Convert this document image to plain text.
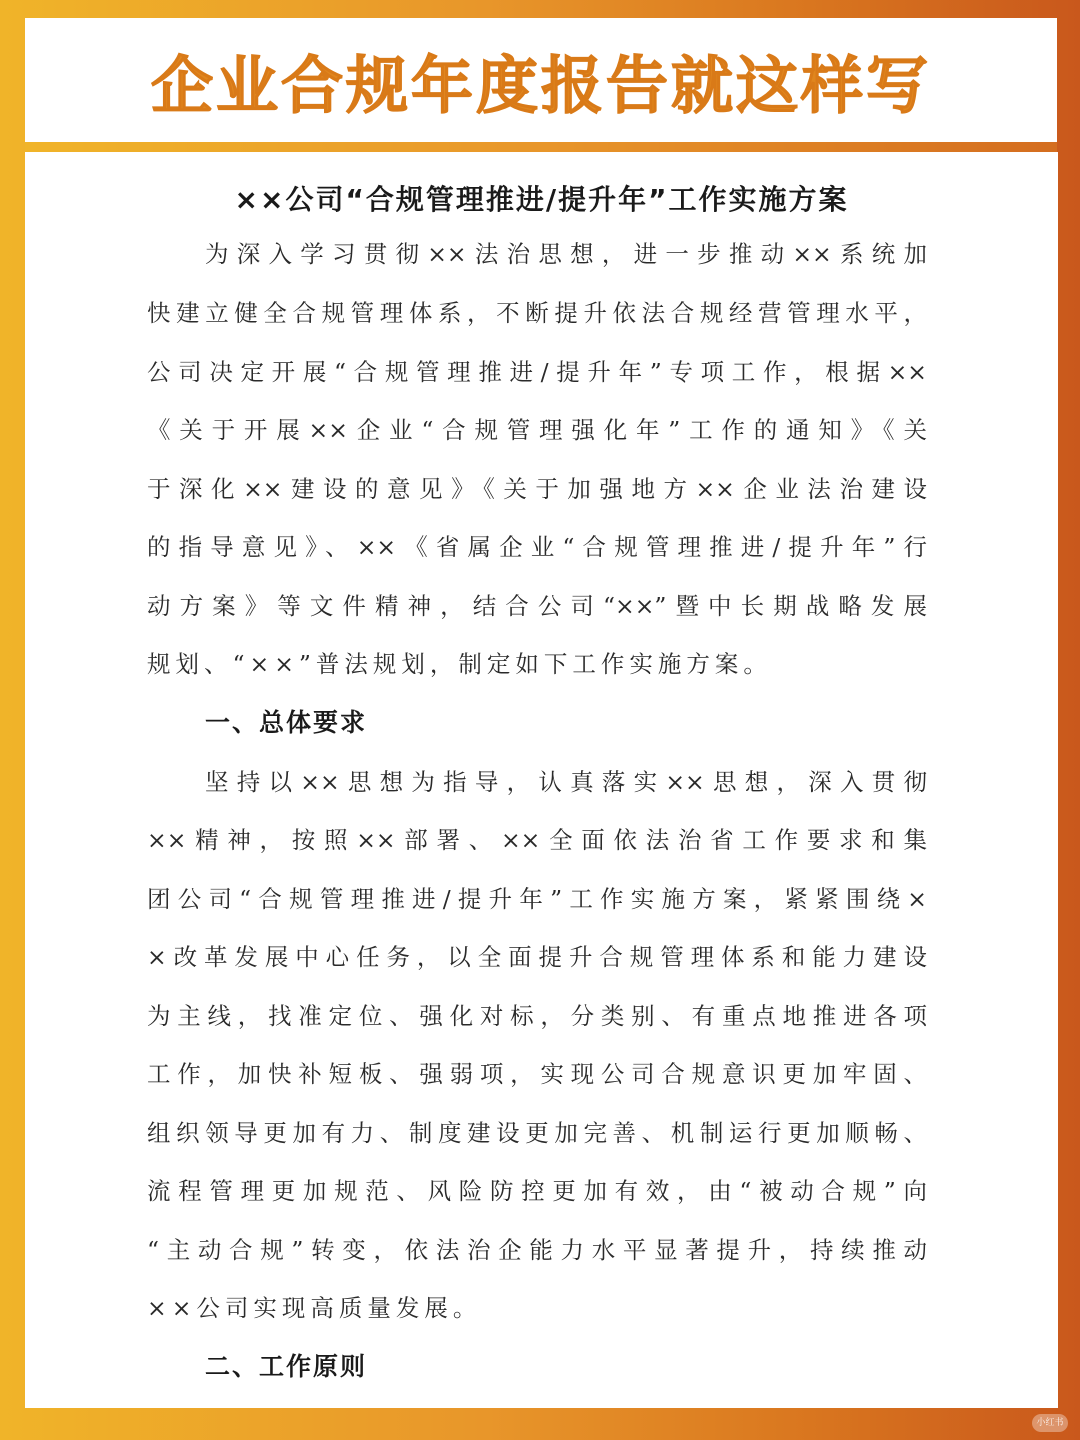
企业合规年度报告就这样写
××公司“合规管理推进/提升年”工作实施方案
为深入学习贯彻××法治思想，进一步推动××系统加
快建立健全合规管理体系，不断提升依法合规经营管理水平，
公司决定开展“合规管理推进/提升年”专项工作，根据××
《关于开展××企业“合规管理强化年”工作的通知》《关
于深化××建设的意见》《关于加强地方××企业法治建设
的指导意见》、××《省属企业“合规管理推进/提升年”行
动方案》等文件精神，结合公司“××”暨中长期战略发展
规划、“××”普法规划，制定如下工作实施方案。
一、总体要求
坚持以××思想为指导，认真落实××思想，深入贯彻
××精神，按照××部署、××全面依法治省工作要求和集
团公司“合规管理推进/提升年”工作实施方案，紧紧围绕×
×改革发展中心任务，以全面提升合规管理体系和能力建设
为主线，找准定位、强化对标，分类别、有重点地推进各项
工作，加快补短板、强弱项，实现公司合规意识更加牢固、
组织领导更加有力、制度建设更加完善、机制运行更加顺畅、
流程管理更加规范、风险防控更加有效，由“被动合规”向
“主动合规”转变，依法治企能力水平显著提升，持续推动
××公司实现高质量发展。
二、工作原则
小红书
